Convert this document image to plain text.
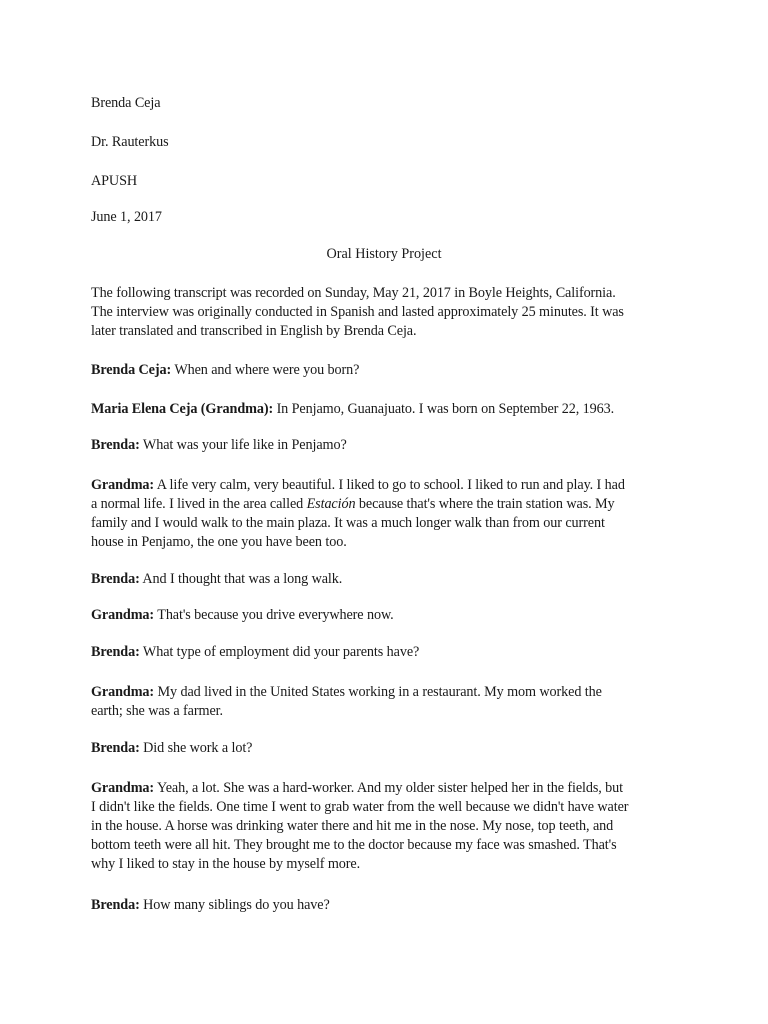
Brenda Ceja
Dr. Rauterkus
APUSH
June 1, 2017
Oral History Project
The following transcript was recorded on Sunday, May 21, 2017 in Boyle Heights, California.
The interview was originally conducted in Spanish and lasted approximately 25 minutes. It was
later translated and transcribed in English by Brenda Ceja.
Brenda Ceja: When and where were you born?
Maria Elena Ceja (Grandma): In Penjamo, Guanajuato. I was born on September 22, 1963.
Brenda: What was your life like in Penjamo?
Grandma: A life very calm, very beautiful. I liked to go to school. I liked to run and play. I had
a normal life. I lived in the area called Estación because that's where the train station was. My
family and I would walk to the main plaza. It was a much longer walk than from our current
house in Penjamo, the one you have been too.
Brenda: And I thought that was a long walk.
Grandma: That's because you drive everywhere now.
Brenda: What type of employment did your parents have?
Grandma: My dad lived in the United States working in a restaurant. My mom worked the
earth; she was a farmer.
Brenda: Did she work a lot?
Grandma: Yeah, a lot. She was a hard-worker. And my older sister helped her in the fields, but
I didn't like the fields. One time I went to grab water from the well because we didn't have water
in the house. A horse was drinking water there and hit me in the nose. My nose, top teeth, and
bottom teeth were all hit. They brought me to the doctor because my face was smashed. That's
why I liked to stay in the house by myself more.
Brenda: How many siblings do you have?
